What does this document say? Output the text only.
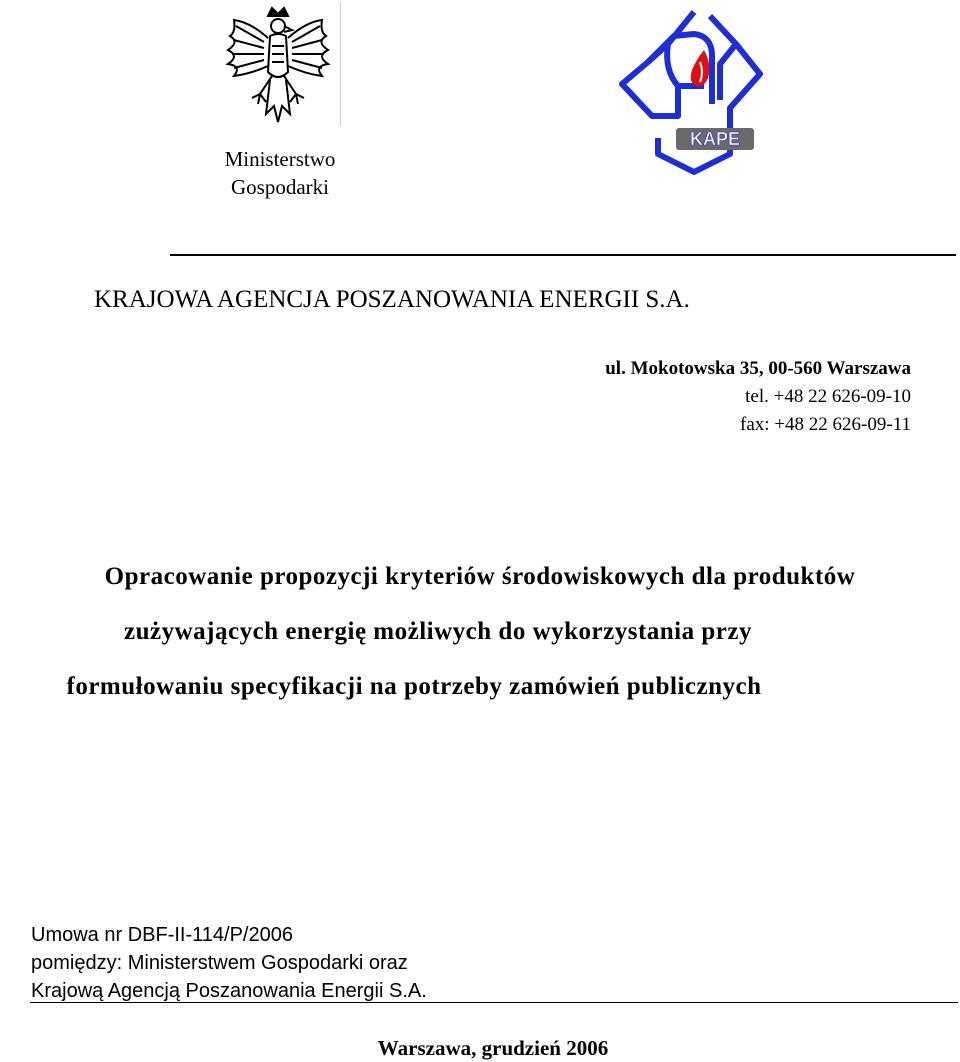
Ministerstwo
Gospodarki
KAPE
KRAJOWA AGENCJA POSZANOWANIA ENERGII S.A.
ul. Mokotowska 35, 00-560 Warszawa
tel. +48 22 626-09-10
fax: +48 22 626-09-11
Opracowanie propozycji kryteriów środowiskowych dla produktów
zużywających energię możliwych do wykorzystania przy
formułowaniu specyfikacji na potrzeby zamówień publicznych
Umowa nr DBF-II-114/P/2006
pomiędzy: Ministerstwem Gospodarki oraz
Krajową Agencją Poszanowania Energii S.A.
Warszawa, grudzień 2006
